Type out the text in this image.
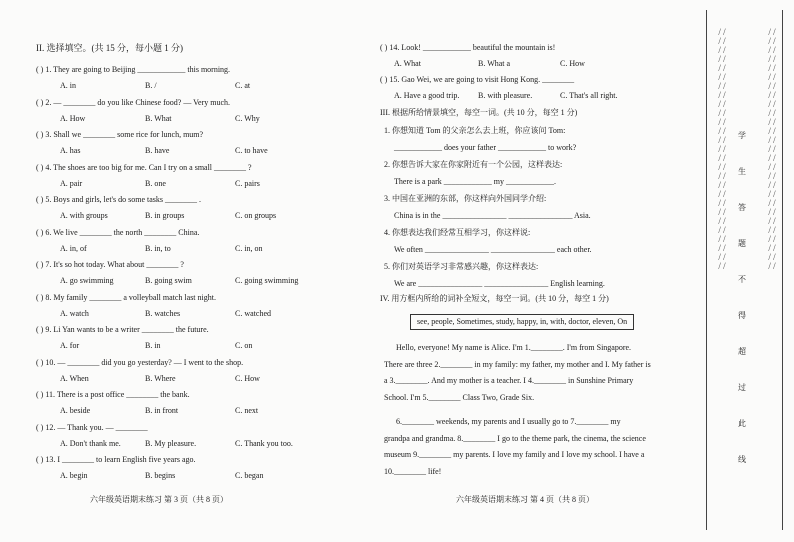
II. 选择填空。(共 15 分，每小题 1 分)
( ) 1. They are going to Beijing ____________ this morning.
A. in	B. /	C. at
( ) 2. — ________ do you like Chinese food? — Very much.
A. How	B. What	C. Why
( ) 3. Shall we ________ some rice for lunch, mum?
A. has	B. have	C. to have
( ) 4. The shoes are too big for me. Can I try on a small ________ ?
A. pair	B. one	C. pairs
( ) 5. Boys and girls, let's do some tasks ________ .
A. with groups	B. in groups	C. on groups
( ) 6. We live ________ the north ________ China.
A. in, of	B. in, to	C. in, on
( ) 7. It's so hot today. What about ________ ?
A. go swimming	B. going swim	C. going swimming
( ) 8. My family ________ a volleyball match last night.
A. watch	B. watches	C. watched
( ) 9. Li Yan wants to be a writer ________ the future.
A. for	B. in	C. on
( ) 10. — ________ did you go yesterday? — I went to the shop.
A. When	B. Where	C. How
( ) 11. There is a post office ________ the bank.
A. beside	B. in front	C. next
( ) 12. — Thank you. — ________
A. Don't thank me.	B. My pleasure.	C. Thank you too.
( ) 13. I ________ to learn English five years ago.
A. begin	B. begins	C. began
六年级英语期末练习 第 3 页（共 8 页）
( ) 14. Look! ____________ beautiful the mountain is!
A. What	B. What a	C. How
( ) 15. Gao Wei, we are going to visit Hong Kong. ________
A. Have a good trip. B. with pleasure.	C. That's all right.
III. 根据所给情景填空，每空一词。(共 10 分，每空 1 分)
1. 你想知道 Tom 的父亲怎么去上班，你应该问 Tom:
____________ does your father ____________ to work?
2. 你想告诉大家在你家附近有一个公园，这样表达:
There is a park ____________ my ____________.
3. 中国在亚洲的东部，你这样向外国同学介绍:
China is in the ________________ ________________ Asia.
4. 你想表达我们经常互相学习，你这样说:
We often ________________ ________________ each other.
5. 你们对英语学习非常感兴趣，你这样表达:
We are ________________ ________________ English learning.
IV. 用方框内所给的词补全短文，每空一词。(共 10 分，每空 1 分)
see, people, Sometimes, study, happy, in, with, doctor, eleven, On
Hello, everyone! My name is Alice. I'm 1.________. I'm from Singapore.
There are three 2.________ in my family: my father, my mother and I. My father is
a 3.________. And my mother is a teacher. I 4.________ in Sunshine Primary
School. I'm 5.________ Class Two, Grade Six.
6.________ weekends, my parents and I usually go to 7.________ my
grandpa and grandma. 8.________ I go to the theme park, the cinema, the science
museum 9.________ my parents. I love my family and I love my school. I have a
10.________ life!
六年级英语期末练习 第 4 页（共 8 页）
/ / / / / / / / / / / / / / / / / / / / / / / / / / / / / / / / / / / / / / / / / / / / / / / / / / / / / /
学
生
答
题
不
得
超
过
此
线
/ / / / / / / / / / / / / / / / / / / / / / / / / / / / / / / / / / / / / / / / / / / / / / / / / / / / / /
